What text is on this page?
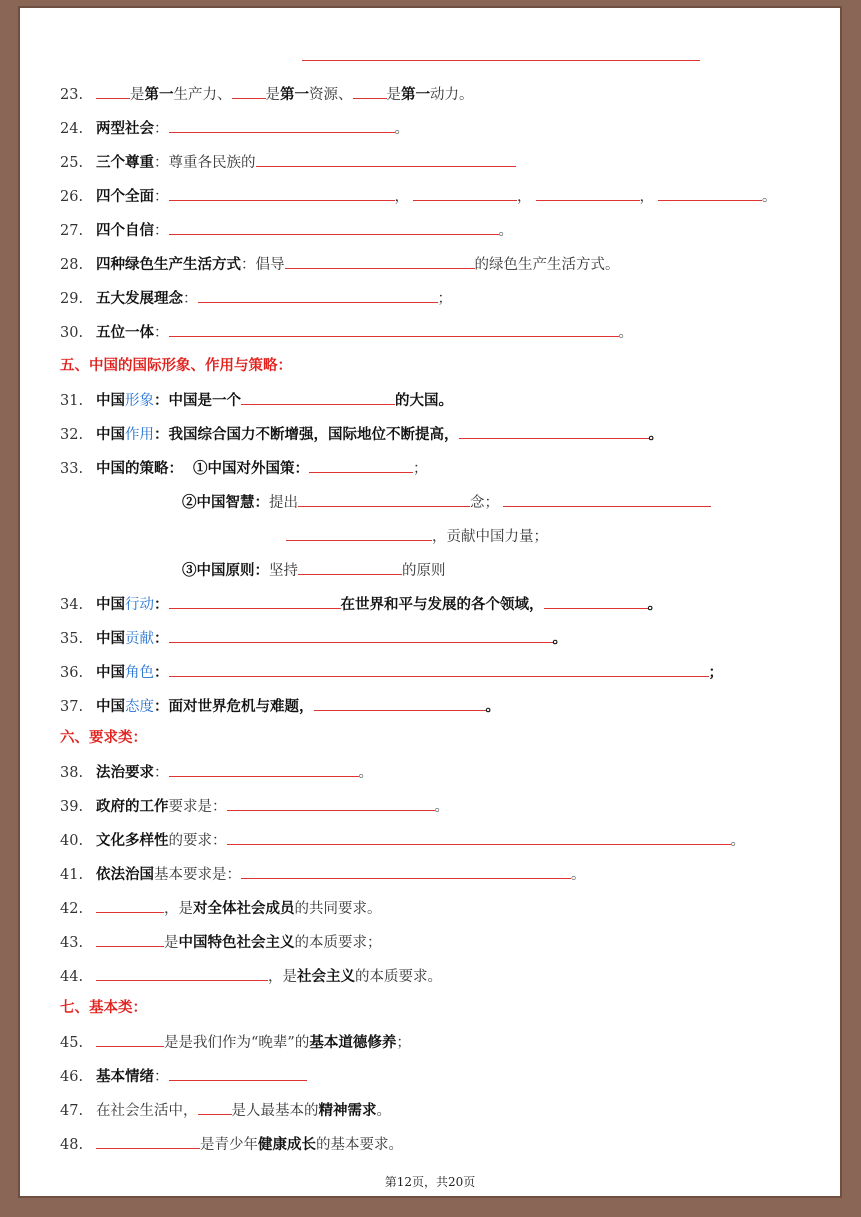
23.	是第一生产力、 是第一资源、 是第一动力。
24. 两型社会：	。
25. 三个尊重：尊重各民族的
26. 四个全面：	，	，	，	。
27. 四个自信：	。
28. 四种绿色生产生活方式：倡导	的绿色生产生活方式。
29. 五大发展理念：	；
30. 五位一体：	。
五、中国的国际形象、作用与策略：
31. 中国形象：中国是一个	的大国。
32. 中国作用：我国综合国力不断增强，国际地位不断提高，	。
33. 中国的策略： ①中国对外国策：	；
②中国智慧：提出	念；
，贡献中国力量；
③中国原则：坚持	的原则
34. 中国行动：	在世界和平与发展的各个领域，	。
35. 中国贡献：	。
36. 中国角色：	；
37. 中国态度：面对世界危机与难题，	。
六、要求类：
38. 法治要求：	。
39. 政府的工作要求是：	。
40. 文化多样性的要求：	。
41. 依法治国基本要求是：	。
42.	，是对全体社会成员的共同要求。
43.	是中国特色社会主义的本质要求；
44.	，是社会主义的本质要求。
七、基本类：
45.	是是我们作为“晚辈”的基本道德修养；
46. 基本情绪：
47. 在社会生活中， 是人最基本的精神需求。
48.	是青少年健康成长的基本要求。
第12页，共20页
